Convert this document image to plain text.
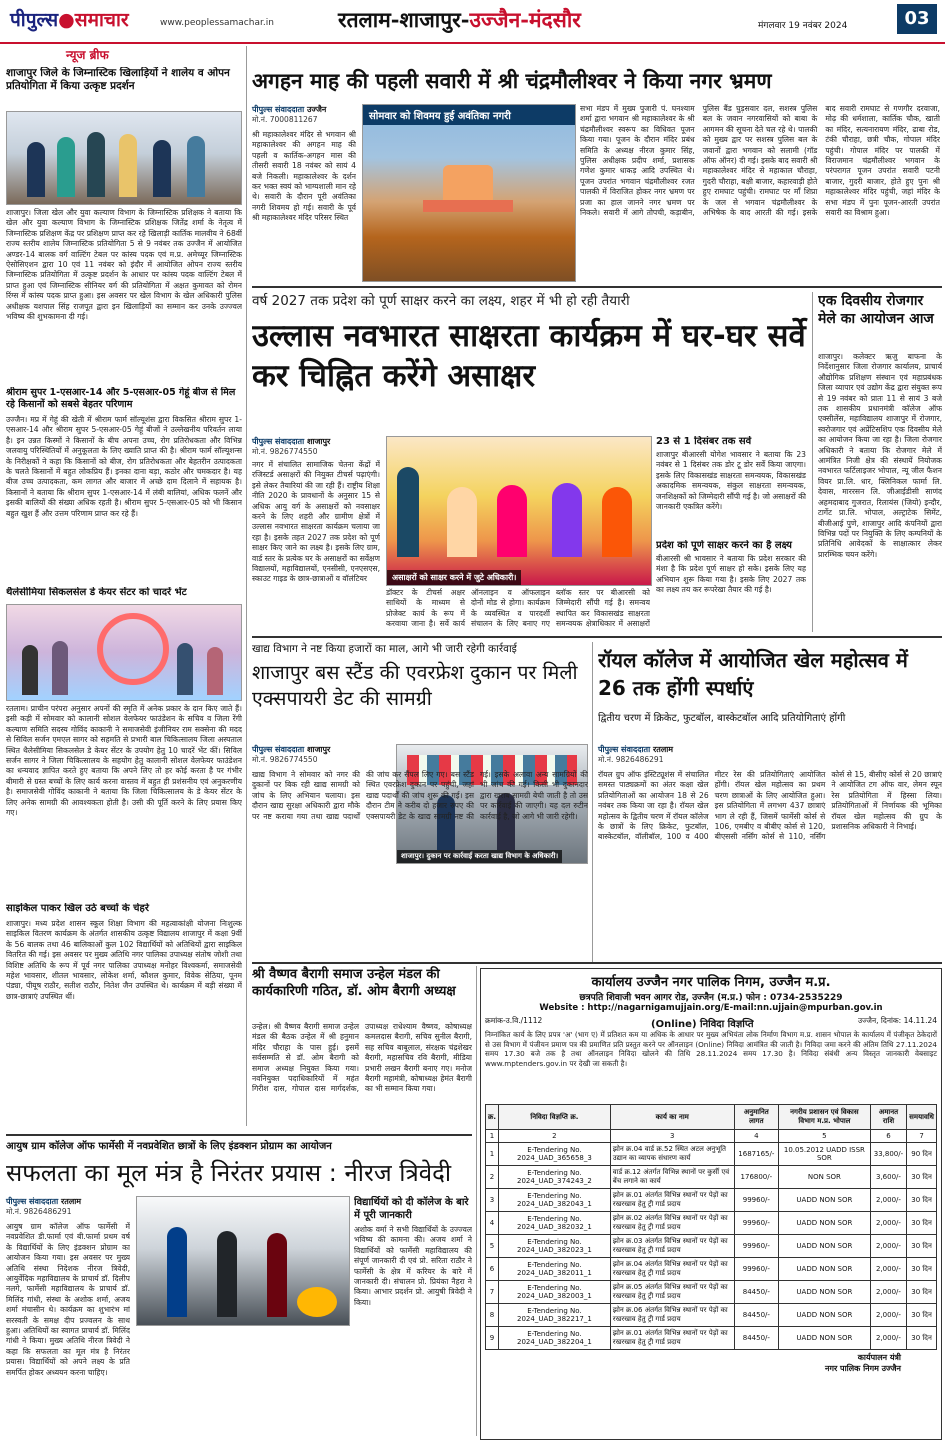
पीपुल्स●समाचार	www.peoplessamachar.in	रतलाम-शाजापुर-उज्जैन-मंदसौर	मंगलवार 19 नवंबर 2024	03
न्यूज ब्रीफ
शाजापुर जिले के जिम्नास्टिक खिलाड़ियों ने शालेय व ओपन प्रतियोगिता में किया उत्कृष्ट प्रदर्शन
शाजापुर। जिला खेल और युवा कल्याण विभाग के जिम्नास्टिक प्रशिक्षक ने बताया कि खेल और युवा कल्याण विभाग के जिम्नास्टिक प्रशिक्षक जितेंद्र शर्मा के नेतृत्व में जिम्नास्टिक प्रशिक्षण केंद्र पर प्रशिक्षण प्राप्त कर रहे खिलाड़ी कार्तिक मालवीय ने 68वीं राज्य स्तरीय शालेय जिम्नास्टिक प्रतियोगिता 5 से 9 नवंबर तक उज्जैन में आयोजित अण्डर-14 बालक वर्ग वाल्टिंग टेबल पर कांस्य पदक एवं म.प्र. अमेच्यूर जिम्नास्टिक ऐसोसिएशन द्वारा 10 एवं 11 नवंबर को इंदौर में आयोजित ओपन राज्य स्तरीय जिम्नास्टिक प्रतियोगिता में उत्कृष्ट प्रदर्शन के आधार पर कांस्य पदक वाल्टिंग टेबल में प्राप्त हुआ एवं जिम्नास्टिक सीनियर वर्ग की प्रतियोगिता में अक्षत कुमावत को रोमन रिंग्स में कांस्य पदक प्राप्त हुआ। इस अवसर पर खेल विभाग के खेल अधिकारी पुलिस अधीक्षक यशपाल सिंह राजपूत द्वारा इन खिलाड़ियों का सम्मान कर उनके उज्ज्वल भविष्य की शुभकामना दी गई।
श्रीराम सुपर 1-एसआर-14 और 5-एसआर-05 गेहूं बीज से मिल रहे किसानों को सबसे बेहतर परिणाम
उज्जैन। मप्र में गेहूं की खेती में श्रीराम फार्म सॉल्यूशंस द्वारा विकसित श्रीराम सुपर 1-एसआर-14 और श्रीराम सुपर 5-एसआर-05 गेहूं बीजों ने उल्लेखनीय परिवर्तन लाया है। इन उन्नत किस्मों ने किसानों के बीच अपना उच्च, रोग प्रतिरोधकता और विभिन्न जलवायु परिस्थितियों में अनुकूलता के लिए ख्याति प्राप्त की है। श्रीराम फार्म सॉल्यूशन्स के निरीक्षकों ने कहा कि किसानों को बीज, रोग प्रतिरोधकता और बेहतरीन उत्पादकता के चलते किसानों में बहुत लोकप्रिय हैं। इनका दाना बड़ा, कठोर और चमकदार है। यह बीज उच्च उत्पादकता, कम लागत और बाजार में अच्छे दाम दिलाने में सहायक है। किसानों ने बताया कि श्रीराम सुपर 1-एसआर-14 में लंबी बालियां, अधिक फलनें और इसकी बालियों की संख्या अधिक रहती है। श्रीराम सुपर 5-एसआर-05 को भी किसान बहुत खुश हैं और उत्तम परिणाम प्राप्त कर रहे हैं।
थैलेसीमिया सिकलसेल डे केयर सेंटर को चादरें भेंट
रतलाम। प्राचीन परंपरा अनुसार अपनों की स्मृति में अनेक प्रकार के दान किए जाते हैं। इसी कड़ी में सोमवार को कालानी सोशल वेलफेयर फाउंडेशन के सचिव व जिला रेंगी कल्याण समिति सदस्य गोविंद काकानी ने समाजसेवी इंजीनियर राम सक्सेना की मदद से सिविल सर्जन एमएल सागर को सहमति से प्रभारी बाल चिकित्सालय जिला अस्पताल स्थित थैलेसीमिया सिकलसेल डे केयर सेंटर के उपयोग हेतु 10 चादरें भेंट कीं। सिविल सर्जन सागर ने जिला चिकित्सालय के सहयोग हेतु कालानी सोशल वेलफेयर फाउंडेशन का धन्यवाद ज्ञापित करते हुए बताया कि अपने लिए तो हर कोई करता है पर गंभीर बीमारी से ग्रस्त बच्चों के लिए कार्य करना वास्तव में बहुत ही प्रशंसनीय एवं अनुकरणीय है। समाजसेवी गोविंद काकानी ने बताया कि जिला चिकित्सालय के डे केयर सेंटर के लिए अनेक सामग्री की आवश्यकता होती है। उसी की पूर्ति करने के लिए प्रयास किए गए।
साइकिल पाकर खिल उठे बच्चों के चेहरे
शाजापुर। मध्य प्रदेश शासन स्कूल शिक्षा विभाग की महत्वाकांक्षी योजना निःशुल्क साइकिल वितरण कार्यक्रम के अंतर्गत शासकीय उत्कृष्ट विद्यालय शाजापुर में कक्षा 9वीं के 56 बालक तथा 46 बालिकाओं कुल 102 विद्यार्थियों को अतिथियों द्वारा साइकिल वितरित की गई। इस अवसर पर मुख्य अतिथि नगर पालिका उपाध्यक्ष संतोष जोशी तथा विशिष्ट अतिथि के रूप में पूर्व नगर पालिका उपाध्यक्ष मनोहर विश्वकर्मा, समाजसेवी महेश भावसार, शीतल भावसार, लोकेश शर्मा, कौशल कुमार, विवेक सेठिया, पूनम पंड्या, पीयूष राठौर, सतीश राठौर, नितेश जैन उपस्थित थे। कार्यक्रम में बड़ी संख्या में छात्र-छात्राएं उपस्थित थीं।
अगहन माह की पहली सवारी में श्री चंद्रमौलीश्वर ने किया नगर भ्रमण
पीपुल्स संवाददाता उज्जैन
मो.नं. 7000811267
श्री महाकालेश्वर मंदिर से भगवान श्री महाकालेश्वर की अगहन माह की पहली व कार्तिक-अगहन मास की तीसरी सवारी 18 नवंबर को सायं 4 बजे निकली। महाकालेश्वर के दर्शन कर भक्त स्वयं को भाग्यशाली मान रहे थे। सवारी के दौरान पूरी अवंतिका नगरी शिवमय हो गई। सवारी के पूर्व श्री महाकालेश्वर मंदिर परिसर स्थित
सोमवार को शिवमय हुई अवंतिका नगरी
सभा मंडप में मुख्य पुजारी पं. घनश्याम शर्मा द्वारा भगवान श्री महाकालेश्वर के श्री चंद्रमौलीश्वर स्वरूप का विधिवत पूजन किया गया। पूजन के दौरान मंदिर प्रबंध समिति के अध्यक्ष नीरज कुमार सिंह, पुलिस अधीक्षक प्रदीप शर्मा, प्रशासक गणेश कुमार धाकड़ आदि उपस्थित थे। पूजन उपरांत भगवान चंद्रमौलीश्वर रजत पालकी में विराजित होकर नगर भ्रमण पर प्रजा का हाल जानने नगर भ्रमण पर निकले। सवारी में आगे तोपची, कड़ाबीन, पुलिस बैंड घुड़सवार दल, सशस्त्र पुलिस बल के जवान नगरवासियों को बाबा के आगमन की सूचना देते चल रहे थे। पालकी को मुख्य द्वार पर सशस्त्र पुलिस बल के जवानों द्वारा भगवान को सलामी (गॉड ऑफ ऑनर) दी गई। इसके बाद सवारी श्री महाकालेश्वर मंदिर से महाकाल चौराहा, गुदरी चौराहा, बक्षी बाजार, कहारवाड़ी होते हुए रामघाट पहुंची। रामघाट पर माँ शिप्रा के जल से भगवान चंद्रमौलीश्वर के अभिषेक के बाद आरती की गई। इसके बाद सवारी रामघाट से गणगौर दरवाजा, मोढ़ की धर्मशाला, कार्तिक चौक, खाती का मंदिर, सत्यनारायण मंदिर, ढाबा रोड, टंकी चौराहा, छत्री चौक, गोपाल मंदिर पहुंची। गोपाल मंदिर पर पालकी में विराजमान चंद्रमौलीश्वर भगवान के परंपरागत पूजन उपरांत सवारी पटनी बाजार, गुदरी बाजार, होते हुए पुनः श्री महाकालेश्वर मंदिर पहुंची, जहां मंदिर के सभा मंडप में पुनः पूजन-आरती उपरांत सवारी का विश्राम हुआ।
वर्ष 2027 तक प्रदेश को पूर्ण साक्षर करने का लक्ष्य, शहर में भी हो रही तैयारी
उल्लास नवभारत साक्षरता कार्यक्रम में घर-घर सर्वे कर चिह्नित करेंगे असाक्षर
पीपुल्स संवाददाता शाजापुर
मो.नं. 9826774550
असाक्षरों को साक्षर करने में जुटे अधिकारी।
नगर में संचालित सामाजिक चेतना केंद्रों में रजिस्टर्ड असाक्षरों की नियुक्त टीचर्स पढ़ाएंगी। इसे लेकर तैयारियां की जा रही हैं। राष्ट्रीय शिक्षा नीति 2020 के प्रावधानों के अनुसार 15 से अधिक आयु वर्ग के असाक्षरों को नवसाक्षर करने के लिए शहरी और ग्रामीण क्षेत्रों में उल्लास नवभारत साक्षरता कार्यक्रम चलाया जा रहा है। इसके तहत 2027 तक प्रदेश को पूर्ण साक्षर किए जाने का लक्ष्य है। इसके लिए ग्राम, वार्ड स्तर के प्रत्येक घर के असाक्षरों का सर्वेक्षण विद्यालयों, महाविद्यालयों, एनसीसी, एनएसएस, स्काउट गाइड के छात्र-छात्राओं व वॉलंटियर
डॉक्टर के टीचर्स अक्षर साथियों के माध्यम से प्रोजेक्ट कार्य के रूप में करवाया जाना है। सर्वे कार्य ऑनलाइन व ऑफलाइन दोनों मोड से होगा। कार्यक्रम के व्यवस्थित व पारदर्शी संचालन के लिए बनाए गए
ब्लॉक स्तर पर बीआरसी को जिम्मेदारी सौंपी गई है। समन्वय स्थापित कर विकासखंड साक्षरता समन्वयक क्षेत्राधिकार में असाक्षरों
23 से 1 दिसंबर तक सर्वे
शाजापुर बीआरसी योगेश भावसार ने बताया कि 23 नवंबर से 1 दिसंबर तक डोर टू डोर सर्वे किया जाएगा। इसके लिए विकासखंड साक्षरता समन्वयक, विकासखंड अकादमिक समन्वयक, संकुल साक्षरता समन्वयक, जनशिक्षकों को जिम्मेदारी सौंपी गई है। जो असाक्षरों की जानकारी एकत्रित करेंगे।
प्रदेश को पूर्ण साक्षर करने का है लक्ष्य
बीआरसी श्री भावसार ने बताया कि प्रदेश सरकार की मंशा है कि प्रदेश पूर्ण साक्षर हो सके। इसके लिए यह अभियान शुरू किया गया है। इसके लिए 2027 तक का लक्ष्य तय कर रूपरेखा तैयार की गई है।
एक दिवसीय रोजगार मेले का आयोजन आज
शाजापुर। कलेक्टर ऋजु बाफना के निर्देशानुसार जिला रोजगार कार्यालय, प्राचार्य औद्योगिक प्रशिक्षण संस्थान एवं महाप्रबंधक जिला व्यापार एवं उद्योग केंद्र द्वारा संयुक्त रूप से 19 नवंबर को प्रातः 11 से सायं 3 बजे तक शासकीय प्रधानमंत्री कॉलेज ऑफ एक्सीलेंस, महाविद्यालय शाजापुर में रोजगार, स्वरोजगार एवं अप्रेंटिसशिप एक दिवसीय मेले का आयोजन किया जा रहा है। जिला रोजगार अधिकारी ने बताया कि रोजगार मेले में आमंत्रित निजी क्षेत्र की संस्थायें नियोजक नवभारत फर्टिलाइजर भोपाल, न्यू जील फैशन वियर प्रा.लि. धार, क्लिनिकल फार्मा लि. देवास, माररसन लि. जीआईडीसी साणंद अहमदाबाद गुजरात, रिलायंस (जियो) इन्दौर, टार्गेट प्रा.लि. भोपाल, अल्ट्राटेक सिमेंट, बीजीआई पुणे, शाजापुर आदि कंपनियों द्वारा विभिन्न पदों पर नियुक्ति के लिए कम्पनियों के प्रतिनिधि आवेदकों के साक्षात्कार लेकर प्रारम्भिक चयन करेंगे।
खाद्य विभाग ने नष्ट किया हजारों का माल, आगे भी जारी रहेगी कार्रवाई
शाजापुर बस स्टैंड की एवरफ्रेश दुकान पर मिली एक्सपायरी डेट की सामग्री
पीपुल्स संवाददाता शाजापुर
मो.नं. 9826774550
शाजापुर। दुकान पर कार्रवाई करता खाद्य विभाग के अधिकारी।
खाद्य विभाग ने सोमवार को नगर की दुकानों पर बिक रही खाद्य सामग्री को जांच के लिए अभियान चलाया। इस दौरान खाद्य सुरक्षा अधिकारी द्वारा मौके पर नष्ट कराया गया तथा खाद्य पदार्थों की जांच कर सैंपल लिए गए। बस स्टैंड स्थित एवरफ्रेश दुकान पर पहुंची, जहां खाद्य पदार्थों की जांच शुरू की गई। इस दौरान टीम ने करीब दो हजार रुपए की एक्सपायरी डेट के खाद्य सामग्री नष्ट की गई। इसके अलावा अन्य सामग्रियों की भी जांच की गई। किसी भी दुकानदार द्वारा खराब सामग्री बेची जाती है तो उस पर कार्रवाई की जाएगी। यह दल रुटीन कार्रवाई है, जो आगे भी जारी रहेगी।
रॉयल कॉलेज में आयोजित खेल महोत्सव में 26 तक होंगी स्पर्धाएं
द्वितीय चरण में क्रिकेट, फुटबॉल, बास्केटबॉल आदि प्रतियोगिताएं होंगी
पीपुल्स संवाददाता रतलाम
मो.नं. 9826486291
रॉयल ग्रुप ऑफ इंस्टिट्यूशंस में संचालित समस्त पाठ्यक्रमों का अंतर कक्षा खेल प्रतियोगिताओं का आयोजन 18 से 26 नवंबर तक किया जा रहा है। रॉयल खेल महोत्सव के द्वितीय चरण में रॉयल कॉलेज के छात्रों के लिए क्रिकेट, फुटबॉल, बास्केटबॉल, वॉलीबॉल, 100 व 400 मीटर रेस की प्रतियोगिताएं आयोजित होंगी। रॉयल खेल महोत्सव का प्रथम चरण छात्राओं के लिए आयोजित हुआ। इस प्रतियोगिता में लगभग 437 छात्राएं भाग ले रही हैं, जिसमें फार्मेसी कोर्स से 106, एमबीए व बीबीए कोर्स से 120, बीएससी नर्सिंग कोर्स से 110, नर्सिंग कोर्स से 15, बीसीए कोर्स से 20 छात्राएं ने आयोजित टग ऑफ वार, लेमन स्पून रेस प्रतियोगिता में हिस्सा लिया। प्रतियोगिताओं में निर्णायक की भूमिका रॉयल खेल महोत्सव की ग्रुप के प्रशासनिक अधिकारी ने निभाई।
श्री वैष्णव बैरागी समाज उन्हेल मंडल की कार्यकारिणी गठित, डॉ. ओम बैरागी अध्यक्ष
उन्हेल। श्री वैष्णव बैरागी समाज उन्हेल मंडल की बैठक उन्हेल में श्री हनुमान मंदिर चौराहा के पास हुई। इसमें सर्वसम्मति से डॉ. ओम बैरागी को समाज अध्यक्ष नियुक्त किया गया। नवनियुक्त पदाधिकारियों में महंत गिरीश दास, गोपाल दास मार्गदर्शक, उपाध्यक्ष राधेश्याम वैष्णव, कोषाध्यक्ष कमलदास बैरागी, सचिव सुनील बैरागी, सह सचिव बाबूलाल, संरक्षक चंद्रशेखर बैरागी, महासचिव रवि बैरागी, मीडिया प्रभारी लखन बैरागी बनाए गए। मनोज बैरागी महामंत्री, कोषाध्यक्ष हेमंत बैरागी का भी सम्मान किया गया।
आयुष ग्राम कॉलेज ऑफ फार्मेसी में नवप्रवेशित छात्रों के लिए इंडक्शन प्रोग्राम का आयोजन
सफलता का मूल मंत्र है निरंतर प्रयास : नीरज त्रिवेदी
पीपुल्स संवाददाता रतलाम
मो.नं. 9826486291
आयुष ग्राम कॉलेज ऑफ फार्मेसी में नवप्रवेशित डी.फार्मा एवं बी.फार्मा प्रथम वर्ष के विद्यार्थियों के लिए इंडक्शन प्रोग्राम का आयोजन किया गया। इस अवसर पर मुख्य अतिथि संस्था निदेशक नीरज त्रिवेदी, आयुर्वेदिक महाविद्यालय के प्राचार्य डॉ. दिलीप नलगे, फार्मेसी महाविद्यालय के प्राचार्य डॉ. मिलिंद गांधी, संस्था के अशोक शर्मा, अजय शर्मा मंचासीन थे। कार्यक्रम का शुभारंभ मां सरस्वती के समक्ष दीप प्रज्वलन के साथ हुआ। अतिथियों का स्वागत प्राचार्य डॉ. मिलिंद गांधी ने किया। मुख्य अतिथि नीरज त्रिवेदी ने कहा कि सफलता का मूल मंत्र है निरंतर प्रयास। विद्यार्थियों को अपने लक्ष्य के प्रति समर्पित होकर अध्ययन करना चाहिए।
विद्यार्थियों को दी कॉलेज के बारे में पूरी जानकारी
अशोक वर्मा ने सभी विद्यार्थियों के उज्ज्वल भविष्य की कामना की। अजय शर्मा ने विद्यार्थियों को फार्मेसी महाविद्यालय की संपूर्ण जानकारी दी एवं प्रो. सरिता राठौर ने फार्मेसी के क्षेत्र में करियर के बारे में जानकारी दी। संचालन प्रो. प्रियंका नैहरा ने किया। आभार प्रदर्शन प्रो. आयुषी त्रिवेदी ने किया।
कार्यालय उज्जैन नगर पालिक निगम, उज्जैन म.प्र.
छत्रपति शिवाजी भवन आगर रोड, उज्जैन (म.प्र.) फोन : 0734-2535229
Website : http://nagarnigamujjain.org/E-mail:nn.ujjain@mpurban.gov.in
क्रमांक-उ.वि./1112	(Online) निविदा विज्ञप्ति	उज्जैन, दिनांक: 14.11.24
निम्नांकित कार्य के लिए प्रपत्र 'अ' (भाग ए) में प्रतिशत कम या अधिक के आधार पर मुख्य अभियंता लोक निर्माण विभाग म.प्र. शासन भोपाल के कार्यालय में पंजीकृत ठेकेदारों से उस विभाग में पंजीयन प्रमाण पत्र की प्रमाणित प्रति प्रस्तुत करने पर ऑनलाइन (Online) निविदा आमंत्रित की जाती है। निविदा जमा करने की अंतिम तिथि 27.11.2024 समय 17.30 बजे तक है तथा ऑनलाइन निविदा खोलने की तिथि 28.11.2024 समय 17.30 है। निविदा संबंधी अन्य विस्तृत जानकारी वेबसाइट www.mptenders.gov.in पर देखी जा सकती है।
क्र.	निविदा विज्ञप्ति क्र.	कार्य का नाम	अनुमानित लागत	नगरीय प्रशासन एवं विकास विभाग म.प्र. भोपाल	अमानत राशि	समयावधि
1	2	3	4	5	6	7
1	E-Tendering No. 2024_UAD_365658_3	झोन क्र.04 वार्ड क्र.52 स्थित अटल अनुभूति उद्यान का व्यापक संधारण कार्य	1687165/-	10.05.2012 UADD ISSR SOR	33,800/-	90 दिन
2	E-Tendering No. 2024_UAD_374243_2	वार्ड क्र.12 अंतर्गत विभिन्न स्थानों पर कुर्सी एवं बेंच लगाने का कार्य	176800/-	NON SOR	3,600/-	30 दिन
3	E-Tendering No. 2024_UAD_382043_1	झोन क्र.01 अंतर्गत विभिन्न स्थानों पर पेड़ों का रखरखाव हेतु ट्री गार्ड प्रदाय	99960/-	UADD NON SOR	2,000/-	30 दिन
4	E-Tendering No. 2024_UAD_382032_1	झोन क्र.02 अंतर्गत विभिन्न स्थानों पर पेड़ों का रखरखाव हेतु ट्री गार्ड प्रदाय	99960/-	UADD NON SOR	2,000/-	30 दिन
5	E-Tendering No. 2024_UAD_382023_1	झोन क्र.03 अंतर्गत विभिन्न स्थानों पर पेड़ों का रखरखाव हेतु ट्री गार्ड प्रदाय	99960/-	UADD NON SOR	2,000/-	30 दिन
6	E-Tendering No. 2024_UAD_382011_1	झोन क्र.04 अंतर्गत विभिन्न स्थानों पर पेड़ों का रखरखाव हेतु ट्री गार्ड प्रदाय	99960/-	UADD NON SOR	2,000/-	30 दिन
7	E-Tendering No. 2024_UAD_382003_1	झोन क्र.05 अंतर्गत विभिन्न स्थानों पर पेड़ों का रखरखाव हेतु ट्री गार्ड प्रदाय	84450/-	UADD NON SOR	2,000/-	30 दिन
8	E-Tendering No. 2024_UAD_382217_1	झोन क्र.06 अंतर्गत विभिन्न स्थानों पर पेड़ों का रखरखाव हेतु ट्री गार्ड प्रदाय	84450/-	UADD NON SOR	2,000/-	30 दिन
9	E-Tendering No. 2024_UAD_382204_1	झोन क्र.01 अंतर्गत विभिन्न स्थानों पर पेड़ों का रखरखाव हेतु ट्री गार्ड प्रदाय	84450/-	UADD NON SOR	2,000/-	30 दिन
कार्यपालन यंत्री
नगर पालिक निगम उज्जैन
